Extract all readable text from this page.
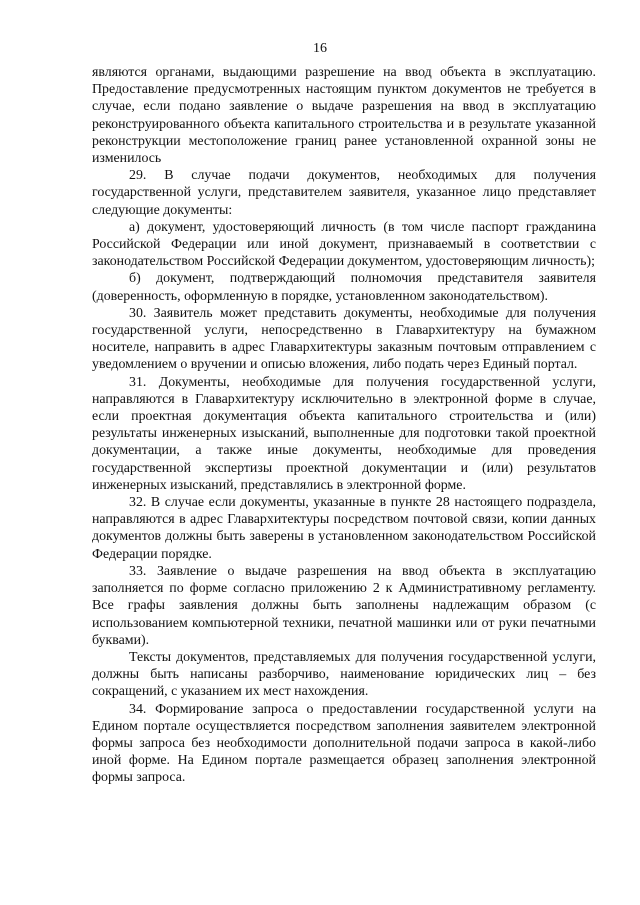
16

являются органами, выдающими разрешение на ввод объекта в эксплуатацию. Предоставление предусмотренных настоящим пунктом документов не требуется в случае, если подано заявление о выдаче разрешения на ввод в эксплуатацию реконструированного объекта капитального строительства и в результате указанной реконструкции местоположение границ ранее установленной охранной зоны не изменилось

29. В случае подачи документов, необходимых для получения государственной услуги, представителем заявителя, указанное лицо представляет следующие документы:

а) документ, удостоверяющий личность (в том числе паспорт гражданина Российской Федерации или иной документ, признаваемый в соответствии с законодательством Российской Федерации документом, удостоверяющим личность);

б) документ, подтверждающий полномочия представителя заявителя (доверенность, оформленную в порядке, установленном законодательством).

30. Заявитель может представить документы, необходимые для получения государственной услуги, непосредственно в Главархитектуру на бумажном носителе, направить в адрес Главархитектуры заказным почтовым отправлением с уведомлением о вручении и описью вложения, либо подать через Единый портал.

31. Документы, необходимые для получения государственной услуги, направляются в Главархитектуру исключительно в электронной форме в случае, если проектная документация объекта капитального строительства и (или) результаты инженерных изысканий, выполненные для подготовки такой проектной документации, а также иные документы, необходимые для проведения государственной экспертизы проектной документации и (или) результатов инженерных изысканий, представлялись в электронной форме.

32. В случае если документы, указанные в пункте 28 настоящего подраздела, направляются в адрес Главархитектуры посредством почтовой связи, копии данных документов должны быть заверены в установленном законодательством Российской Федерации порядке.

33. Заявление о выдаче разрешения на ввод объекта в эксплуатацию заполняется по форме согласно приложению 2 к Административному регламенту. Все графы заявления должны быть заполнены надлежащим образом (с использованием компьютерной техники, печатной машинки или от руки печатными буквами).

Тексты документов, представляемых для получения государственной услуги, должны быть написаны разборчиво, наименование юридических лиц – без сокращений, с указанием их мест нахождения.

34. Формирование запроса о предоставлении государственной услуги на Едином портале осуществляется посредством заполнения заявителем электронной формы запроса без необходимости дополнительной подачи запроса в какой-либо иной форме. На Едином портале размещается образец заполнения электронной формы запроса.
